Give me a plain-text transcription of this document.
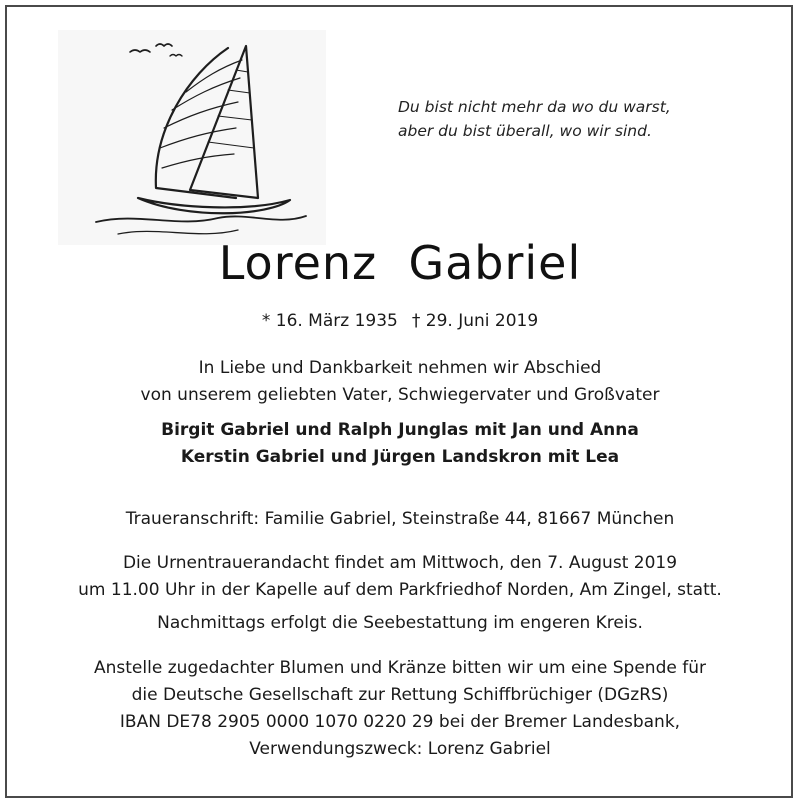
Du bist nicht mehr da wo du warst,
aber du bist überall, wo wir sind.
Lorenz  Gabriel
* 16. März 1935 † 29. Juni 2019
In Liebe und Dankbarkeit nehmen wir Abschied
von unserem geliebten Vater, Schwiegervater und Großvater
Birgit Gabriel und Ralph Junglas mit Jan und Anna
Kerstin Gabriel und Jürgen Landskron mit Lea
Traueranschrift: Familie Gabriel, Steinstraße 44, 81667 München
Die Urnentrauerandacht findet am Mittwoch, den 7. August 2019
um 11.00 Uhr in der Kapelle auf dem Parkfriedhof Norden, Am Zingel, statt.
Nachmittags erfolgt die Seebestattung im engeren Kreis.
Anstelle zugedachter Blumen und Kränze bitten wir um eine Spende für
die Deutsche Gesellschaft zur Rettung Schiffbrüchiger (DGzRS)
IBAN DE78 2905 0000 1070 0220 29 bei der Bremer Landesbank,
Verwendungszweck: Lorenz Gabriel
